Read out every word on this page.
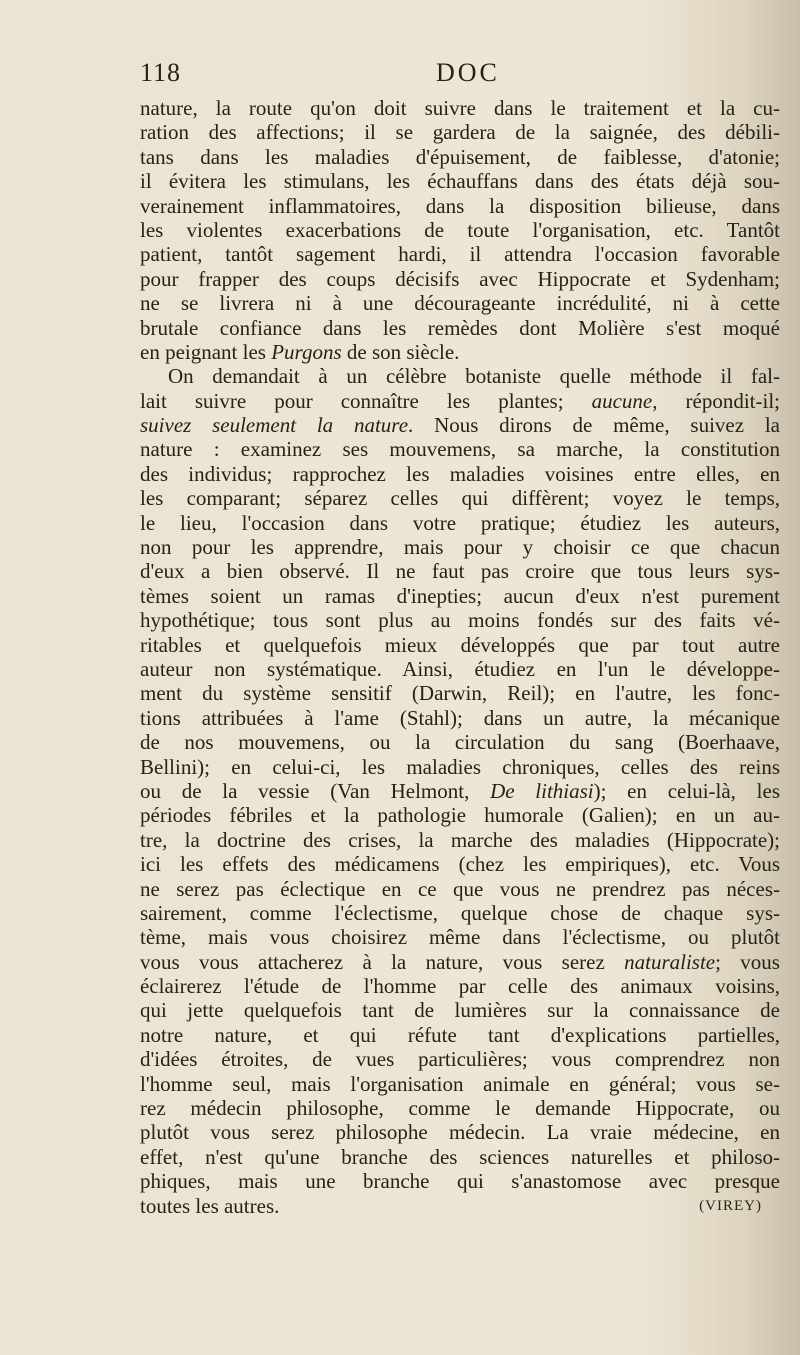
118	DOC
nature, la route qu'on doit suivre dans le traitement et la cu-
ration des affections; il se gardera de la saignée, des débili-
tans dans les maladies d'épuisement, de faiblesse, d'atonie;
il évitera les stimulans, les échauffans dans des états déjà sou-
verainement inflammatoires, dans la disposition bilieuse, dans
les violentes exacerbations de toute l'organisation, etc. Tantôt
patient, tantôt sagement hardi, il attendra l'occasion favorable
pour frapper des coups décisifs avec Hippocrate et Sydenham;
ne se livrera ni à une décourageante incrédulité, ni à cette
brutale confiance dans les remèdes dont Molière s'est moqué
en peignant les Purgons de son siècle.
On demandait à un célèbre botaniste quelle méthode il fal-
lait suivre pour connaître les plantes; aucune, répondit-il;
suivez seulement la nature. Nous dirons de même, suivez la
nature : examinez ses mouvemens, sa marche, la constitution
des individus; rapprochez les maladies voisines entre elles, en
les comparant; séparez celles qui diffèrent; voyez le temps,
le lieu, l'occasion dans votre pratique; étudiez les auteurs,
non pour les apprendre, mais pour y choisir ce que chacun
d'eux a bien observé. Il ne faut pas croire que tous leurs sys-
tèmes soient un ramas d'inepties; aucun d'eux n'est purement
hypothétique; tous sont plus au moins fondés sur des faits vé-
ritables et quelquefois mieux développés que par tout autre
auteur non systématique. Ainsi, étudiez en l'un le développe-
ment du système sensitif (Darwin, Reil); en l'autre, les fonc-
tions attribuées à l'ame (Stahl); dans un autre, la mécanique
de nos mouvemens, ou la circulation du sang (Boerhaave,
Bellini); en celui-ci, les maladies chroniques, celles des reins
ou de la vessie (Van Helmont, De lithiasi); en celui-là, les
périodes fébriles et la pathologie humorale (Galien); en un au-
tre, la doctrine des crises, la marche des maladies (Hippocrate);
ici les effets des médicamens (chez les empiriques), etc. Vous
ne serez pas éclectique en ce que vous ne prendrez pas néces-
sairement, comme l'éclectisme, quelque chose de chaque sys-
tème, mais vous choisirez même dans l'éclectisme, ou plutôt
vous vous attacherez à la nature, vous serez naturaliste; vous
éclairerez l'étude de l'homme par celle des animaux voisins,
qui jette quelquefois tant de lumières sur la connaissance de
notre nature, et qui réfute tant d'explications partielles,
d'idées étroites, de vues particulières; vous comprendrez non
l'homme seul, mais l'organisation animale en général; vous se-
rez médecin philosophe, comme le demande Hippocrate, ou
plutôt vous serez philosophe médecin. La vraie médecine, en
effet, n'est qu'une branche des sciences naturelles et philoso-
phiques, mais une branche qui s'anastomose avec presque
toutes les autres.	(VIREY)
